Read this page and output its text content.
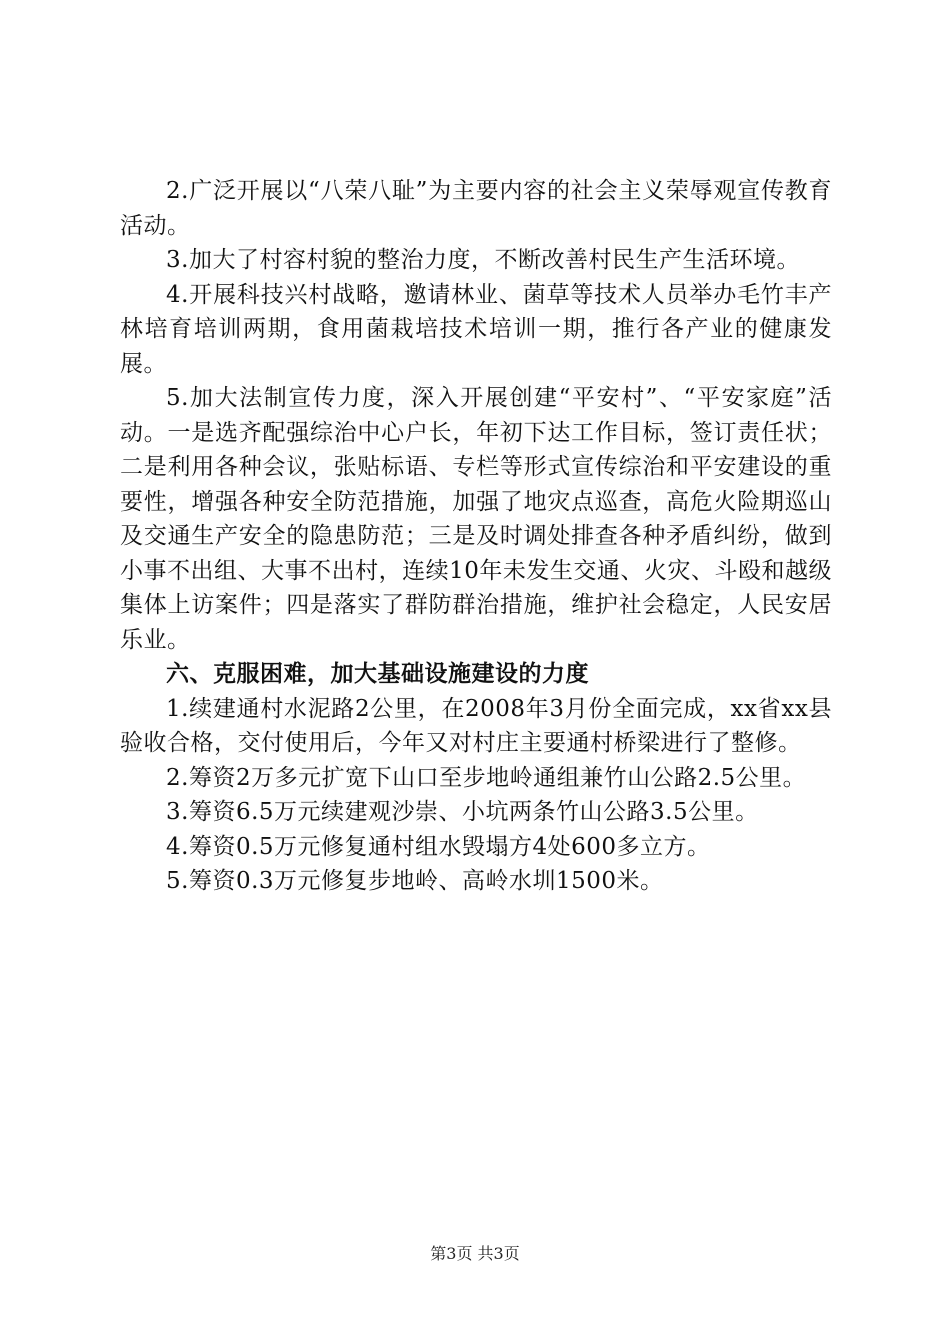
2.广泛开展以“八荣八耻”为主要内容的社会主义荣辱观宣传教育活动。

3.加大了村容村貌的整治力度，不断改善村民生产生活环境。

4.开展科技兴村战略，邀请林业、菌草等技术人员举办毛竹丰产林培育培训两期，食用菌栽培技术培训一期，推行各产业的健康发展。

5.加大法制宣传力度，深入开展创建“平安村”、“平安家庭”活动。一是选齐配强综治中心户长，年初下达工作目标，签订责任状；二是利用各种会议，张贴标语、专栏等形式宣传综治和平安建设的重要性，增强各种安全防范措施，加强了地灾点巡查，高危火险期巡山及交通生产安全的隐患防范；三是及时调处排查各种矛盾纠纷，做到小事不出组、大事不出村，连续10年未发生交通、火灾、斗殴和越级集体上访案件；四是落实了群防群治措施，维护社会稳定，人民安居乐业。

六、克服困难，加大基础设施建设的力度

1.续建通村水泥路2公里，在2008年3月份全面完成，xx省xx县验收合格，交付使用后，今年又对村庄主要通村桥梁进行了整修。

2.筹资2万多元扩宽下山口至步地岭通组兼竹山公路2.5公里。

3.筹资6.5万元续建观沙崇、小坑两条竹山公路3.5公里。

4.筹资0.5万元修复通村组水毁塌方4处600多立方。

5.筹资0.3万元修复步地岭、高岭水圳1500米。

第3页 共3页
